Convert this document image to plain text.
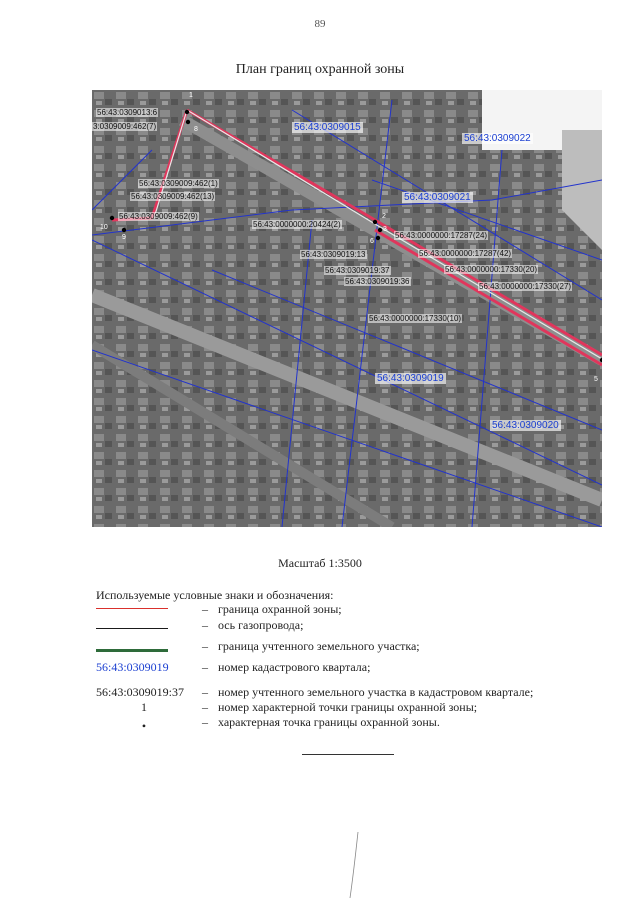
89
План границ охранной зоны
1
8
10
9
2
3
6
5
56:43:0309015
56:43:0309022
56:43:0309021
56:43:0309019
56:43:0309020
56:43:0309013:6
3:0309009:462(7)
56:43:0309009:462(1)
56:43:0309009:462(13)
56:43:0309009:462(9)
56:43:0000000:20424(2)
56:43:0000000:17287(24)
56:43:0309019:13	56:43:0000000:17287(42)
56:43:0309019:37	56:43:0000000:17330(20)
56:43:0309019:36
56:43:0000000:17330(27)
56:43:0000000:17330(10)
Масштаб 1:3500
Используемые условные знаки и обозначения:
– граница охранной зоны;
– ось газопровода;
– граница учтенного земельного участка;
56:43:0309019	– номер кадастрового квартала;
56:43:0309019:37	– номер учтенного земельного участка в кадастровом квартале;
1	– номер характерной точки границы охранной зоны;
•	– характерная точка границы охранной зоны.
